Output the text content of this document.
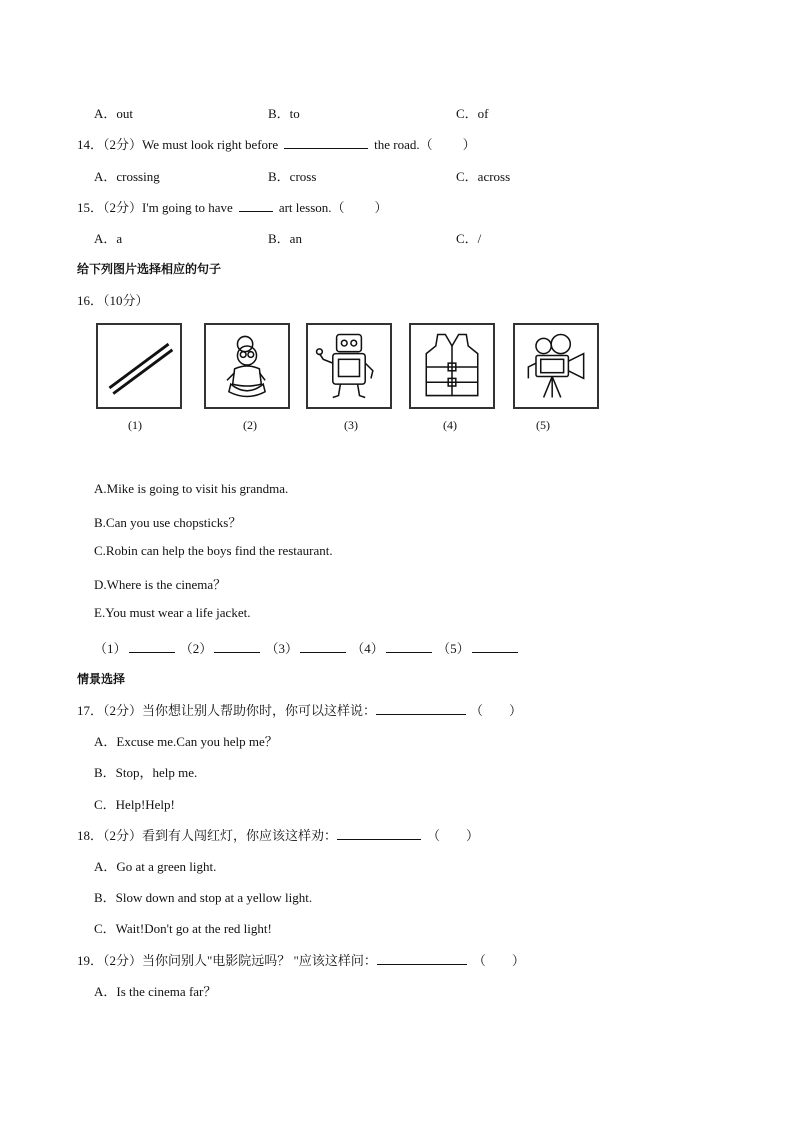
A．out	B．to	C．of
14．（2分）We must look right before	the road.（ ）
A．crossing	B．cross	C．across
15．（2分）I'm going to have	art lesson.（ ）
A．a	B．an	C．/
给下列图片选择相应的句子
16．（10分）
(1)	(2)	(3)	(4)	(5)
A.Mike is going to visit his grandma.
B.Can you use chopsticks？
C.Robin can help the boys find the restaurant.
D.Where is the cinema？
E.You must wear a life jacket.
（1）	（2）	（3）	（4）	（5）
情景选择
17．（2分）当你想让别人帮助你时，你可以这样说：	（　　）
A．Excuse me.Can you help me？
B．Stop，help me.
C．Help!Help!
18．（2分）看到有人闯红灯，你应该这样劝：	（　　）
A．Go at a green light.
B．Slow down and stop at a yellow light.
C．Wait!Don't go at the red light!
19．（2分）当你问别人"电影院远吗？ "应该这样问：	（　　）
A．Is the cinema far？
